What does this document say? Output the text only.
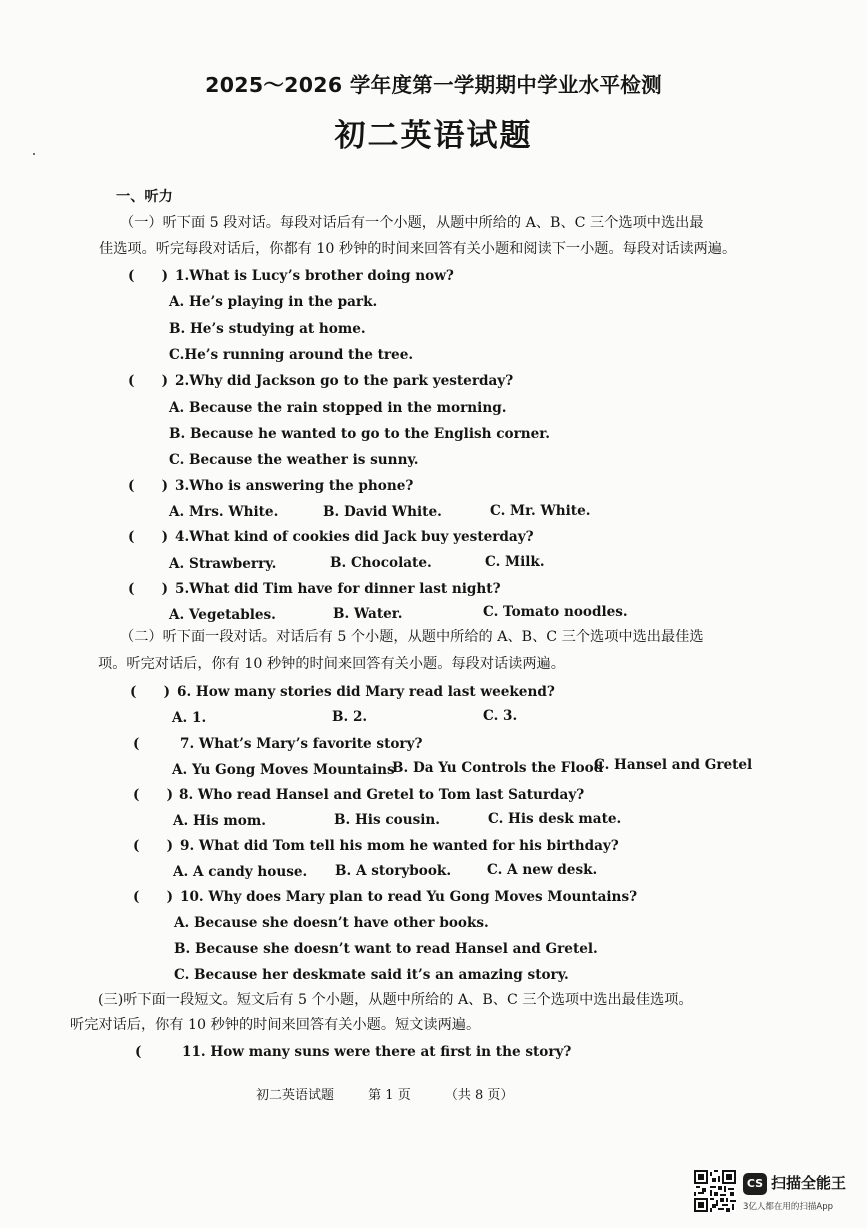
2025～2026 学年度第一学期期中学业水平检测
初二英语试题
一、听力
（一）听下面 5 段对话。每段对话后有一个小题，从题中所给的 A、B、C 三个选项中选出最
佳选项。听完每段对话后，你都有 10 秒钟的时间来回答有关小题和阅读下一小题。每段对话读两遍。
(　　) 1.What is Lucy’s brother doing now?
A. He’s playing in the park.
B. He’s studying at home.
C.He’s running around the tree.
(　　) 2.Why did Jackson go to the park yesterday?
A. Because the rain stopped in the morning.
B. Because he wanted to go to the English corner.
C. Because the weather is sunny.
(　　) 3.Who is answering the phone?
A. Mrs. White.	B. David White.	C. Mr. White.
(　　) 4.What kind of cookies did Jack buy yesterday?
A. Strawberry.	B. Chocolate.	C. Milk.
(　　) 5.What did Tim have for dinner last night?
A. Vegetables.	B. Water.	C. Tomato noodles.
（二）听下面一段对话。对话后有 5 个小题，从题中所给的 A、B、C 三个选项中选出最佳选
项。听完对话后，你有 10 秒钟的时间来回答有关小题。每段对话读两遍。
(　　) 6. How many stories did Mary read last weekend?
A. 1.	B. 2.	C. 3.
(	7. What’s Mary’s favorite story?
A. Yu Gong Moves Mountains
B. Da Yu Controls the Flood
C. Hansel and Gretel
(　　) 8. Who read Hansel and Gretel to Tom last Saturday?
A. His mom.	B. His cousin.	C. His desk mate.
(　　) 9. What did Tom tell his mom he wanted for his birthday?
A. A candy house. B. A storybook.	C. A new desk.
(　　) 10. Why does Mary plan to read Yu Gong Moves Mountains?
A. Because she doesn’t have other books.
B. Because she doesn’t want to read Hansel and Gretel.
C. Because her deskmate said it’s an amazing story.
(三)听下面一段短文。短文后有 5 个小题，从题中所给的 A、B、C 三个选项中选出最佳选项。
听完对话后，你有 10 秒钟的时间来回答有关小题。短文读两遍。
(	11. How many suns were there at first in the story?
初二英语试题	第 1 页	（共 8 页）
CS 扫描全能王
3亿人都在用的扫描App
